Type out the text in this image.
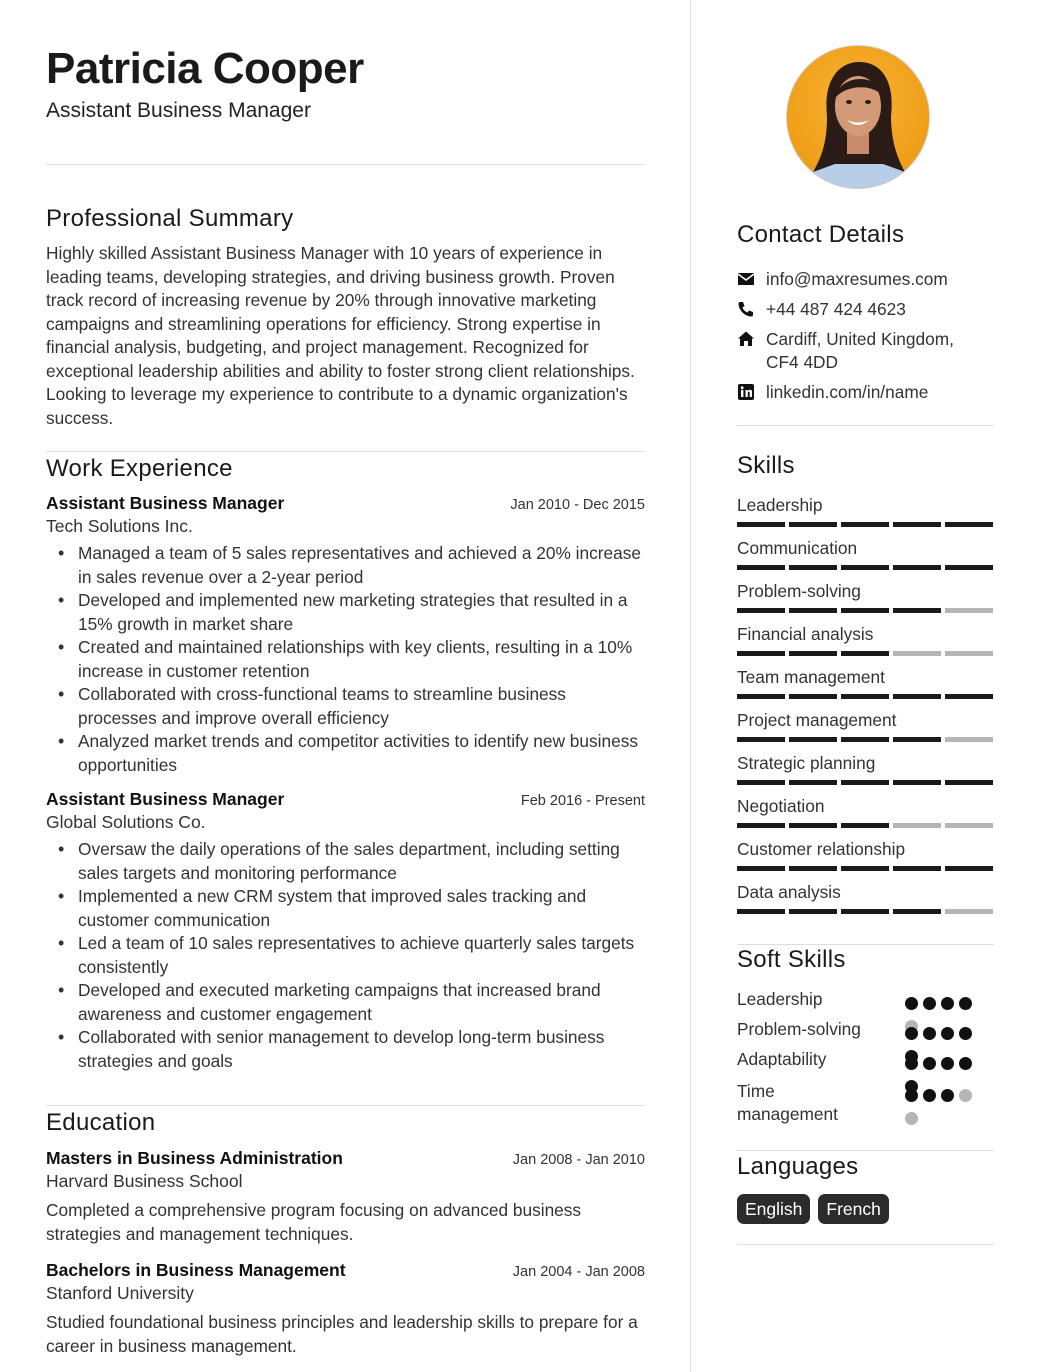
Patricia Cooper
Assistant Business Manager
Professional Summary
Highly skilled Assistant Business Manager with 10 years of experience in leading teams, developing strategies, and driving business growth. Proven track record of increasing revenue by 20% through innovative marketing campaigns and streamlining operations for efficiency. Strong expertise in financial analysis, budgeting, and project management. Recognized for exceptional leadership abilities and ability to foster strong client relationships. Looking to leverage my experience to contribute to a dynamic organization's success.
Work Experience
Assistant Business Manager	Jan 2010 - Dec 2015
Tech Solutions Inc.
• Managed a team of 5 sales representatives and achieved a 20% increase in sales revenue over a 2-year period
• Developed and implemented new marketing strategies that resulted in a 15% growth in market share
• Created and maintained relationships with key clients, resulting in a 10% increase in customer retention
• Collaborated with cross-functional teams to streamline business processes and improve overall efficiency
• Analyzed market trends and competitor activities to identify new business opportunities
Assistant Business Manager	Feb 2016 - Present
Global Solutions Co.
• Oversaw the daily operations of the sales department, including setting sales targets and monitoring performance
• Implemented a new CRM system that improved sales tracking and customer communication
• Led a team of 10 sales representatives to achieve quarterly sales targets consistently
• Developed and executed marketing campaigns that increased brand awareness and customer engagement
• Collaborated with senior management to develop long-term business strategies and goals
Education
Masters in Business Administration	Jan 2008 - Jan 2010
Harvard Business School
Completed a comprehensive program focusing on advanced business strategies and management techniques.
Bachelors in Business Management	Jan 2004 - Jan 2008
Stanford University
Studied foundational business principles and leadership skills to prepare for a career in business management.
Contact Details
info@maxresumes.com
+44 487 424 4623
Cardiff, United Kingdom, CF4 4DD
linkedin.com/in/name
Skills
Leadership
Communication
Problem-solving
Financial analysis
Team management
Project management
Strategic planning
Negotiation
Customer relationship
Data analysis
Soft Skills
Leadership
Problem-solving
Adaptability
Time management
Languages
English	French
